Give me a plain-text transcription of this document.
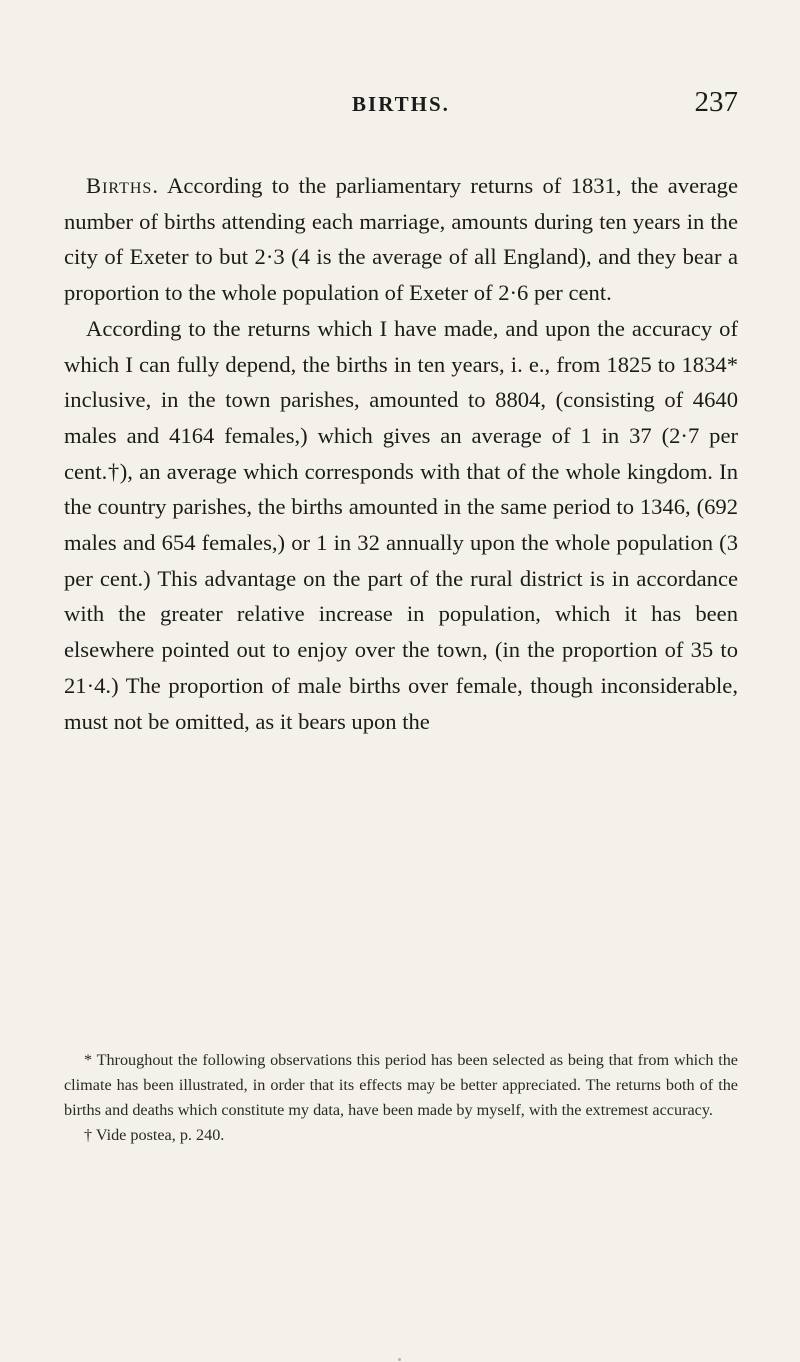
BIRTHS.	237

Births. According to the parliamentary returns of 1831, the average number of births attending each marriage, amounts during ten years in the city of Exeter to but 2·3 (4 is the average of all England), and they bear a proportion to the whole population of Exeter of 2·6 per cent.

According to the returns which I have made, and upon the accuracy of which I can fully depend, the births in ten years, i. e., from 1825 to 1834* inclusive, in the town parishes, amounted to 8804, (consisting of 4640 males and 4164 females,) which gives an average of 1 in 37 (2·7 per cent.†), an average which corresponds with that of the whole kingdom. In the country parishes, the births amounted in the same period to 1346, (692 males and 654 females,) or 1 in 32 annually upon the whole population (3 per cent.) This advantage on the part of the rural district is in accordance with the greater relative increase in population, which it has been elsewhere pointed out to enjoy over the town, (in the proportion of 35 to 21·4.) The proportion of male births over female, though inconsiderable, must not be omitted, as it bears upon the

* Throughout the following observations this period has been selected as being that from which the climate has been illustrated, in order that its effects may be better appreciated. The returns both of the births and deaths which constitute my data, have been made by myself, with the extremest accuracy.

† Vide postea, p. 240.
